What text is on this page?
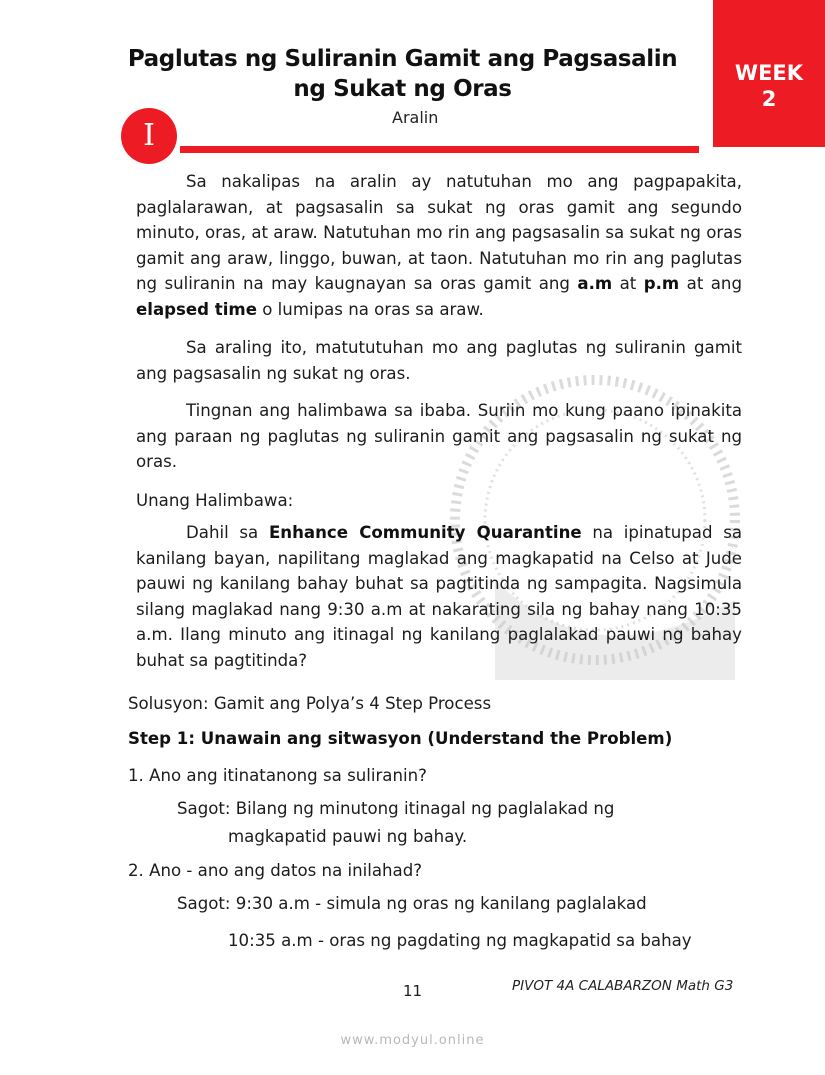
WEEK
2
Paglutas ng Suliranin Gamit ang Pagsasalin
ng Sukat ng Oras
Aralin
I
Sa nakalipas na aralin ay natutuhan mo ang pagpapakita, paglalarawan, at pagsasalin sa sukat ng oras gamit ang segundo minuto, oras, at araw. Natutuhan mo rin ang pagsasalin sa sukat ng oras gamit ang araw, linggo, buwan, at taon. Natutuhan mo rin ang paglutas ng suliranin na may kaugnayan sa oras gamit ang a.m at p.m at ang elapsed time o lumipas na oras sa araw.
Sa araling ito, matututuhan mo ang paglutas ng suliranin gamit ang pagsasalin ng sukat ng oras.
Tingnan ang halimbawa sa ibaba. Suriin mo kung paano ipinakita ang paraan ng paglutas ng suliranin gamit ang pagsasalin ng sukat ng oras.
Unang Halimbawa:
Dahil sa Enhance Community Quarantine na ipinatupad sa kanilang bayan, napilitang maglakad ang magkapatid na Celso at Jude pauwi ng kanilang bahay buhat sa pagtitinda ng sampagita. Nagsimula silang maglakad nang 9:30 a.m at nakarating sila ng bahay nang 10:35 a.m. Ilang minuto ang itinagal ng kanilang paglalakad pauwi ng bahay buhat sa pagtitinda?
Solusyon: Gamit ang Polya’s 4 Step Process
Step 1: Unawain ang sitwasyon (Understand the Problem)
1. Ano ang itinatanong sa suliranin?
Sagot: Bilang ng minutong itinagal ng paglalakad ng
magkapatid pauwi ng bahay.
2. Ano - ano ang datos na inilahad?
Sagot: 9:30 a.m - simula ng oras ng kanilang paglalakad
10:35 a.m - oras ng pagdating ng magkapatid sa bahay
11	PIVOT 4A CALABARZON Math G3
www.modyul.online
